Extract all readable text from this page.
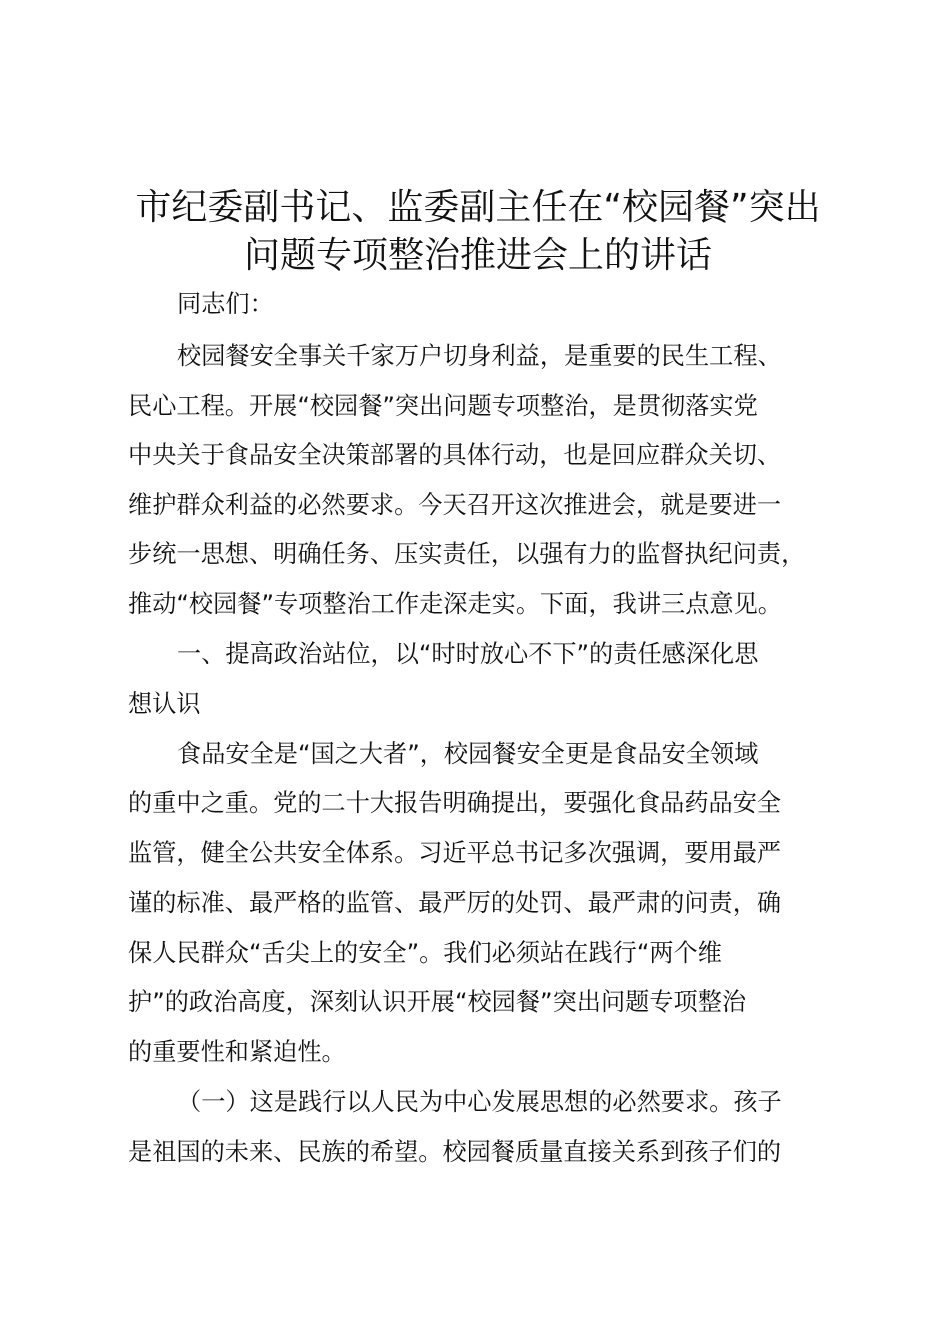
市纪委副书记、监委副主任在“校园餐”突出
问题专项整治推进会上的讲话

同志们：

校园餐安全事关千家万户切身利益，是重要的民生工程、

民心工程。开展“校园餐”突出问题专项整治，是贯彻落实党

中央关于食品安全决策部署的具体行动，也是回应群众关切、

维护群众利益的必然要求。今天召开这次推进会，就是要进一

步统一思想、明确任务、压实责任，以强有力的监督执纪问责，

推动“校园餐”专项整治工作走深走实。下面，我讲三点意见。

一、提高政治站位，以“时时放心不下”的责任感深化思

想认识

食品安全是“国之大者”，校园餐安全更是食品安全领域

的重中之重。党的二十大报告明确提出，要强化食品药品安全

监管，健全公共安全体系。习近平总书记多次强调，要用最严

谨的标准、最严格的监管、最严厉的处罚、最严肃的问责，确

保人民群众“舌尖上的安全”。我们必须站在践行“两个维

护”的政治高度，深刻认识开展“校园餐”突出问题专项整治

的重要性和紧迫性。

（一）这是践行以人民为中心发展思想的必然要求。孩子

是祖国的未来、民族的希望。校园餐质量直接关系到孩子们的
